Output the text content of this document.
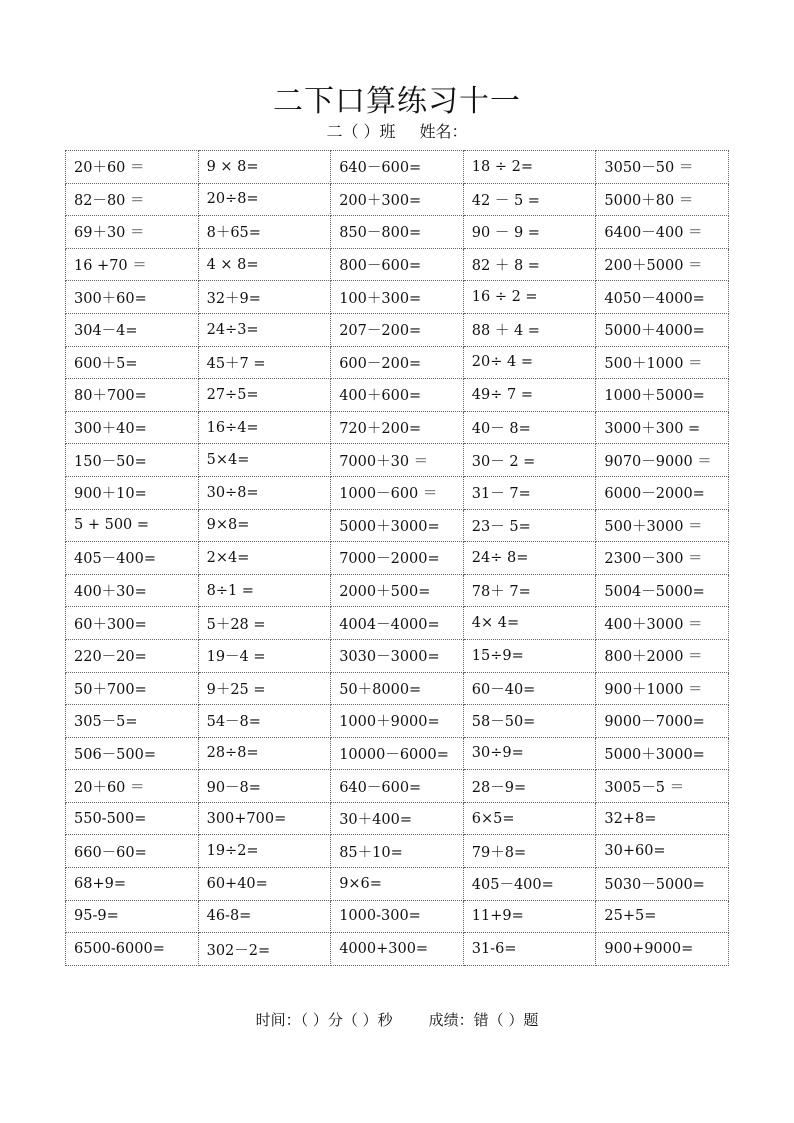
二下口算练习十一
二（ ）班 姓名：
20＋60 ＝	9 × 8=	640－600=	18 ÷ 2=	3050－50 ＝
82－80 ＝	20÷8=	200＋300=	42 － 5 =	5000＋80 ＝
69＋30 ＝	8＋65=	850－800=	90 － 9 =	6400－400 ＝
16 +70 ＝	4 × 8=	800－600=	82 ＋ 8 =	200＋5000 ＝
300＋60=	32＋9=	100＋300=	16 ÷ 2 =	4050－4000=
304－4=	24÷3=	207－200=	88 ＋ 4 =	5000＋4000=
600＋5=	45＋7 =	600－200=	20÷ 4 =	500＋1000 ＝
80＋700=	27÷5=	400＋600=	49÷ 7 =	1000＋5000=
300＋40=	16÷4=	720＋200=	40－ 8=	3000＋300 =
150－50=	5×4=	7000＋30 ＝	30－ 2 =	9070－9000 ＝
900＋10=	30÷8=	1000－600 ＝	31－ 7=	6000－2000=
5 + 500 =	9×8=	5000＋3000=	23－ 5=	500＋3000 ＝
405－400=	2×4=	7000－2000=	24÷ 8=	2300－300 ＝
400＋30=	8÷1 =	2000＋500=	78＋ 7=	5004－5000=
60＋300=	5＋28 =	4004－4000=	4× 4=	400＋3000 ＝
220－20=	19－4 =	3030－3000=	15÷9=	800＋2000 ＝
50＋700=	9＋25 =	50＋8000=	60－40=	900＋1000 ＝
305－5=	54－8=	1000＋9000=	58－50=	9000－7000=
506－500=	28÷8=	10000－6000=	30÷9=	5000＋3000=
20＋60 ＝	90－8=	640－600=	28－9=	3005－5 ＝
550-500=	300+700=	30＋400=	6×5=	32+8=
660－60=	19÷2=	85＋10=	79＋8=	30+60=
68+9=	60+40=	9×6=	405－400=	5030－5000=
95-9=	46-8=	1000-300=	11+9=	25+5=
6500-6000=	302－2=	4000+300=	31-6=	900+9000=
时间：（ ）分（ ）秒 成绩：错（ ）题
